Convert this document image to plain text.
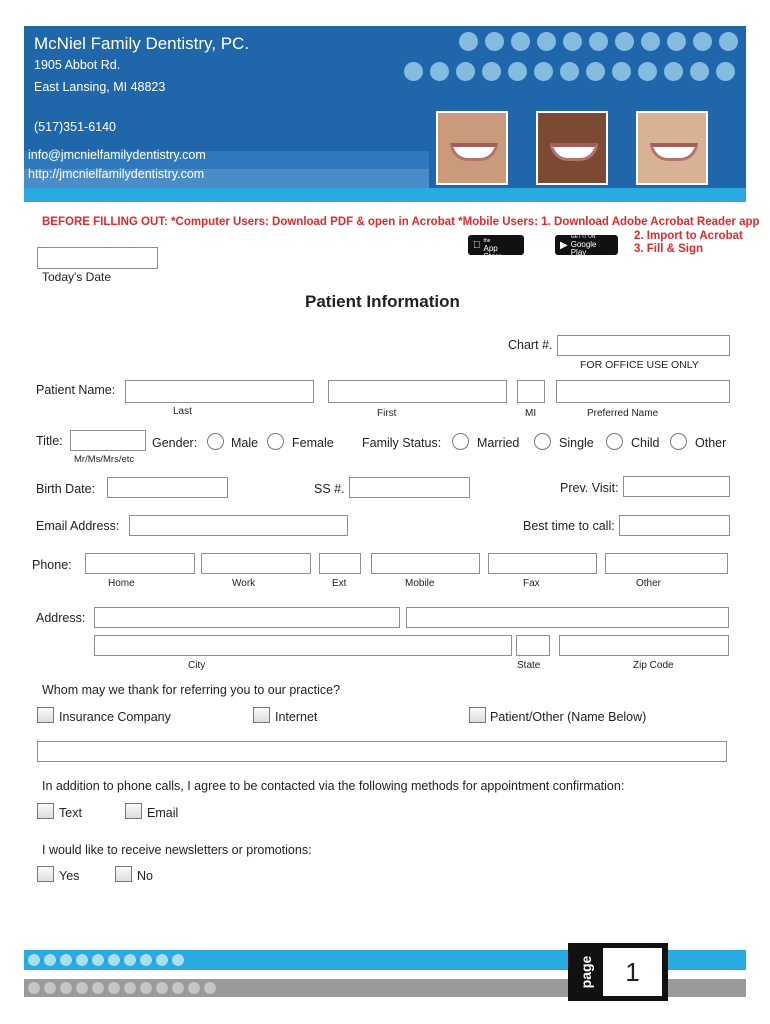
McNiel Family Dentistry, PC.
1905 Abbot Rd.
East Lansing, MI 48823
(517)351-6140
info@jmcnielfamilydentistry.com
http://jmcnielfamilydentistry.com
BEFORE FILLING OUT: *Computer Users: Download PDF & open in Acrobat *Mobile Users: 1. Download Adobe Acrobat Reader app
2. Import to Acrobat
3. Fill & Sign
Download on the
App Store	▶
GET IT ON
Google Play
Today's Date
Patient Information
Chart #.
FOR OFFICE USE ONLY
Patient Name:
Last	First	MI	Preferred Name
Title:
Mr/Ms/Mrs/etc
Gender:	Male	Female Family Status:	Married	Single	Child	Other
Birth Date:	SS #.	Prev. Visit:
Email Address:	Best time to call:
Phone:
Home	Work	Ext	Mobile	Fax	Other
Address:
City	State	Zip Code
Whom may we thank for referring you to our practice?
Insurance Company	Internet	Patient/Other (Name Below)
In addition to phone calls, I agree to be contacted via the following methods for appointment confirmation:
Text	Email
I would like to receive newsletters or promotions:
Yes	No
page	1
